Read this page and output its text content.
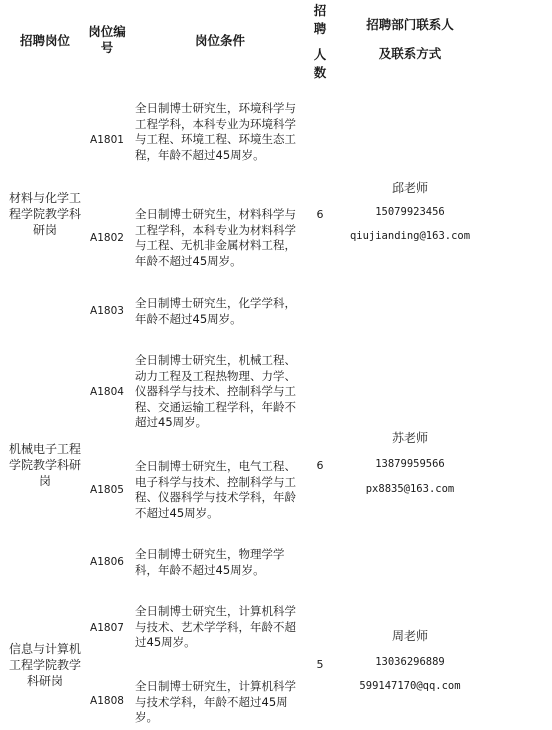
招聘岗位
岗位编号	岗位条件
招
聘
人
数
招聘部门联系人
及联系方式
材料与化学工程学院教学科研岗
6
邱老师
15079923456
qiujianding@163.com
A1801
全日制博士研究生，环境科学与工程学科，本科专业为环境科学与工程、环境工程、环境生态工程，年龄不超过45周岁。
A1802
全日制博士研究生，材料科学与工程学科，本科专业为材料科学与工程、无机非金属材料工程，年龄不超过45周岁。
A1803
全日制博士研究生，化学学科，年龄不超过45周岁。
机械电子工程学院教学科研岗
6
苏老师
13879959566
px8835@163.com
A1804
全日制博士研究生，机械工程、动力工程及工程热物理、力学、仪器科学与技术、控制科学与工程、交通运输工程学科，年龄不超过45周岁。
A1805
全日制博士研究生，电气工程、电子科学与技术、控制科学与工程、仪器科学与技术学科，年龄不超过45周岁。
A1806
全日制博士研究生，物理学学科，年龄不超过45周岁。
信息与计算机工程学院教学科研岗
5
周老师
13036296889
599147170@qq.com
A1807
全日制博士研究生，计算机科学与技术、艺术学学科，年龄不超过45周岁。
A1808
全日制博士研究生，计算机科学与技术学科，年龄不超过45周岁。
